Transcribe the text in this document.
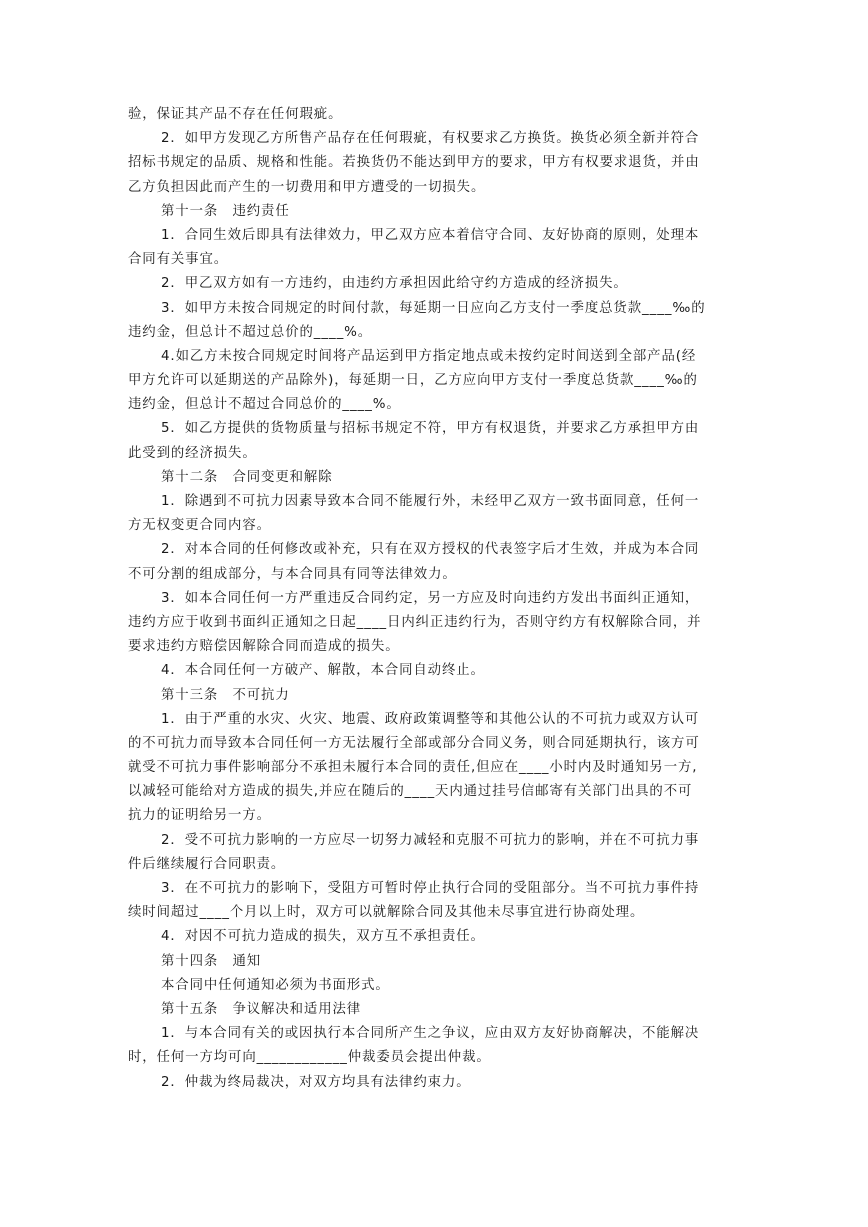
验，保证其产品不存在任何瑕疵。
2．如甲方发现乙方所售产品存在任何瑕疵，有权要求乙方换货。换货必须全新并符合
招标书规定的品质、规格和性能。若换货仍不能达到甲方的要求，甲方有权要求退货，并由
乙方负担因此而产生的一切费用和甲方遭受的一切损失。
第十一条　违约责任
1．合同生效后即具有法律效力，甲乙双方应本着信守合同、友好协商的原则，处理本
合同有关事宜。
2．甲乙双方如有一方违约，由违约方承担因此给守约方造成的经济损失。
3．如甲方未按合同规定的时间付款，每延期一日应向乙方支付一季度总货款____‰的
违约金，但总计不超过总价的____%。
4.如乙方未按合同规定时间将产品运到甲方指定地点或未按约定时间送到全部产品(经
甲方允许可以延期送的产品除外)，每延期一日，乙方应向甲方支付一季度总货款____‰的
违约金，但总计不超过合同总价的____%。
5．如乙方提供的货物质量与招标书规定不符，甲方有权退货，并要求乙方承担甲方由
此受到的经济损失。
第十二条　合同变更和解除
1．除遇到不可抗力因素导致本合同不能履行外，未经甲乙双方一致书面同意，任何一
方无权变更合同内容。
2．对本合同的任何修改或补充，只有在双方授权的代表签字后才生效，并成为本合同
不可分割的组成部分，与本合同具有同等法律效力。
3．如本合同任何一方严重违反合同约定，另一方应及时向违约方发出书面纠正通知，
违约方应于收到书面纠正通知之日起____日内纠正违约行为，否则守约方有权解除合同，并
要求违约方赔偿因解除合同而造成的损失。
4．本合同任何一方破产、解散，本合同自动终止。
第十三条　不可抗力
1．由于严重的水灾、火灾、地震、政府政策调整等和其他公认的不可抗力或双方认可
的不可抗力而导致本合同任何一方无法履行全部或部分合同义务，则合同延期执行，该方可
就受不可抗力事件影响部分不承担未履行本合同的责任,但应在____小时内及时通知另一方,
以减轻可能给对方造成的损失,并应在随后的____天内通过挂号信邮寄有关部门出具的不可
抗力的证明给另一方。
2．受不可抗力影响的一方应尽一切努力减轻和克服不可抗力的影响，并在不可抗力事
件后继续履行合同职责。
3．在不可抗力的影响下，受阻方可暂时停止执行合同的受阻部分。当不可抗力事件持
续时间超过____个月以上时，双方可以就解除合同及其他未尽事宜进行协商处理。
4．对因不可抗力造成的损失，双方互不承担责任。
第十四条　通知
本合同中任何通知必须为书面形式。
第十五条　争议解决和适用法律
1．与本合同有关的或因执行本合同所产生之争议，应由双方友好协商解决，不能解决
时，任何一方均可向____________仲裁委员会提出仲裁。
2．仲裁为终局裁决，对双方均具有法律约束力。
